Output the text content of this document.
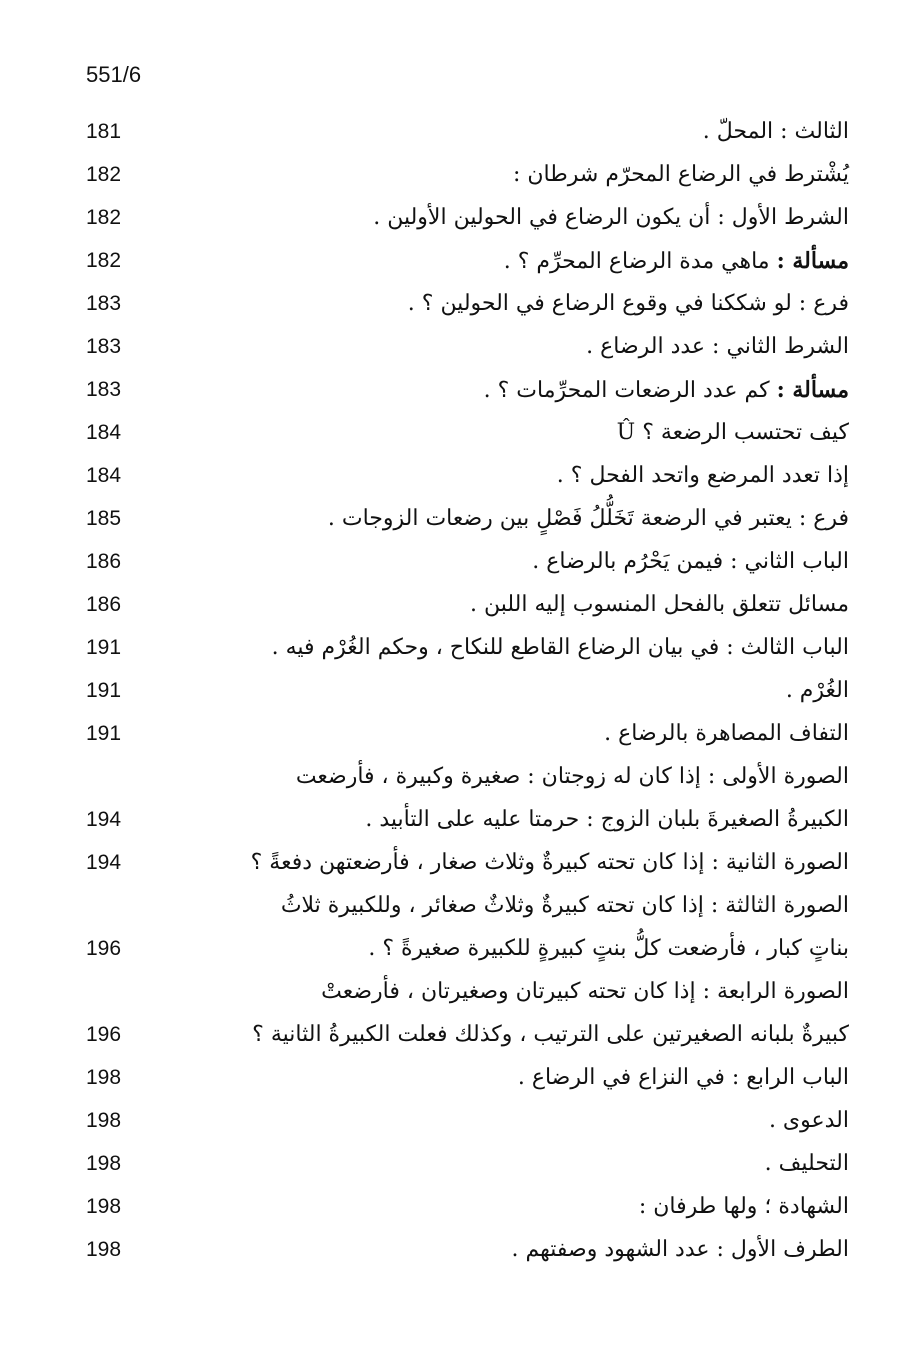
551/6
الثالث : المحلّ .
181
يُشْترط في الرضاع المحرّم شرطان :
182
الشرط الأول : أن يكون الرضاع في الحولين الأولين .
182
مسألة : ماهي مدة الرضاع المحرِّم ؟ .
182
فرع : لو شككنا في وقوع الرضاع في الحولين ؟ .
183
الشرط الثاني : عدد الرضاع .
183
مسألة : كم عدد الرضعات المحرِّمات ؟ .
183
كيف تحتسب الرضعة ؟ Û
184
إذا تعدد المرضع واتحد الفحل ؟ .
184
فرع : يعتبر في الرضعة تَخَلُّلُ فَصْلٍ بين رضعات الزوجات .
185
الباب الثاني : فيمن يَحْرُم بالرضاع .
186
مسائل تتعلق بالفحل المنسوب إليه اللبن .
186
الباب الثالث : في بيان الرضاع القاطع للنكاح ، وحكم الغُرْم فيه .
191
الغُرْم .
191
التفاف المصاهرة بالرضاع .
191
الصورة الأولى : إذا كان له زوجتان : صغيرة وكبيرة ، فأرضعت
الكبيرةُ الصغيرةَ بلبان الزوج : حرمتا عليه على التأبيد .
194
الصورة الثانية : إذا كان تحته كبيرةٌ وثلاث صغار ، فأرضعتهن دفعةً ؟
194
الصورة الثالثة : إذا كان تحته كبيرةٌ وثلاثٌ صغائر ، وللكبيرة ثلاثُ
بناتٍ كبار ، فأرضعت كلُّ بنتٍ كبيرةٍ للكبيرة صغيرةً ؟ .
196
الصورة الرابعة : إذا كان تحته كبيرتان وصغيرتان ، فأرضعتْ
كبيرةٌ بلبانه الصغيرتين على الترتيب ، وكذلك فعلت الكبيرةُ الثانية ؟
196
الباب الرابع : في النزاع في الرضاع .
198
الدعوى .
198
التحليف .
198
الشهادة ؛ ولها طرفان :
198
الطرف الأول : عدد الشهود وصفتهم .
198
